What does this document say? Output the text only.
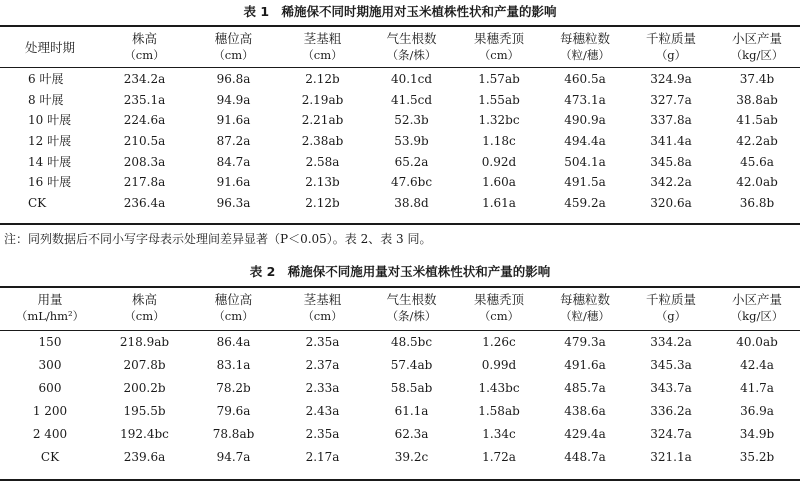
表 1　稀施保不同时期施用对玉米植株性状和产量的影响
处理时期	株高	穗位高	茎基粗	气生根数	果穗秃顶	每穗粒数	千粒质量	小区产量
	（cm）	（cm）	（cm）	（条/株）	（cm）	（粒/穗）	（g）	（kg/区）

6 叶展	234.2a	96.8a	2.12b	40.1cd	1.57ab	460.5a	324.9a	37.4b
8 叶展	235.1a	94.9a	2.19ab	41.5cd	1.55ab	473.1a	327.7a	38.8ab
10 叶展	224.6a	91.6a	2.21ab	52.3b	1.32bc	490.9a	337.8a	41.5ab
12 叶展	210.5a	87.2a	2.38ab	53.9b	1.18c	494.4a	341.4a	42.2ab
14 叶展	208.3a	84.7a	2.58a	65.2a	0.92d	504.1a	345.8a	45.6a
16 叶展	217.8a	91.6a	2.13b	47.6bc	1.60a	491.5a	342.2a	42.0ab
CK	236.4a	96.3a	2.12b	38.8d	1.61a	459.2a	320.6a	36.8b
注：同列数据后不同小写字母表示处理间差异显著（P＜0.05）。表 2、表 3 同。
表 2　稀施保不同施用量对玉米植株性状和产量的影响
用量	株高	穗位高	茎基粗	气生根数	果穗秃顶	每穗粒数	千粒质量	小区产量
（mL/hm²）	（cm）	（cm）	（cm）	（条/株）	（cm）	（粒/穗）	（g）	（kg/区）

150	218.9ab	86.4a	2.35a	48.5bc	1.26c	479.3a	334.2a	40.0ab
300	207.8b	83.1a	2.37a	57.4ab	0.99d	491.6a	345.3a	42.4a
600	200.2b	78.2b	2.33a	58.5ab	1.43bc	485.7a	343.7a	41.7a
1 200	195.5b	79.6a	2.43a	61.1a	1.58ab	438.6a	336.2a	36.9a
2 400	192.4bc	78.8ab	2.35a	62.3a	1.34c	429.4a	324.7a	34.9b
CK	239.6a	94.7a	2.17a	39.2c	1.72a	448.7a	321.1a	35.2b
